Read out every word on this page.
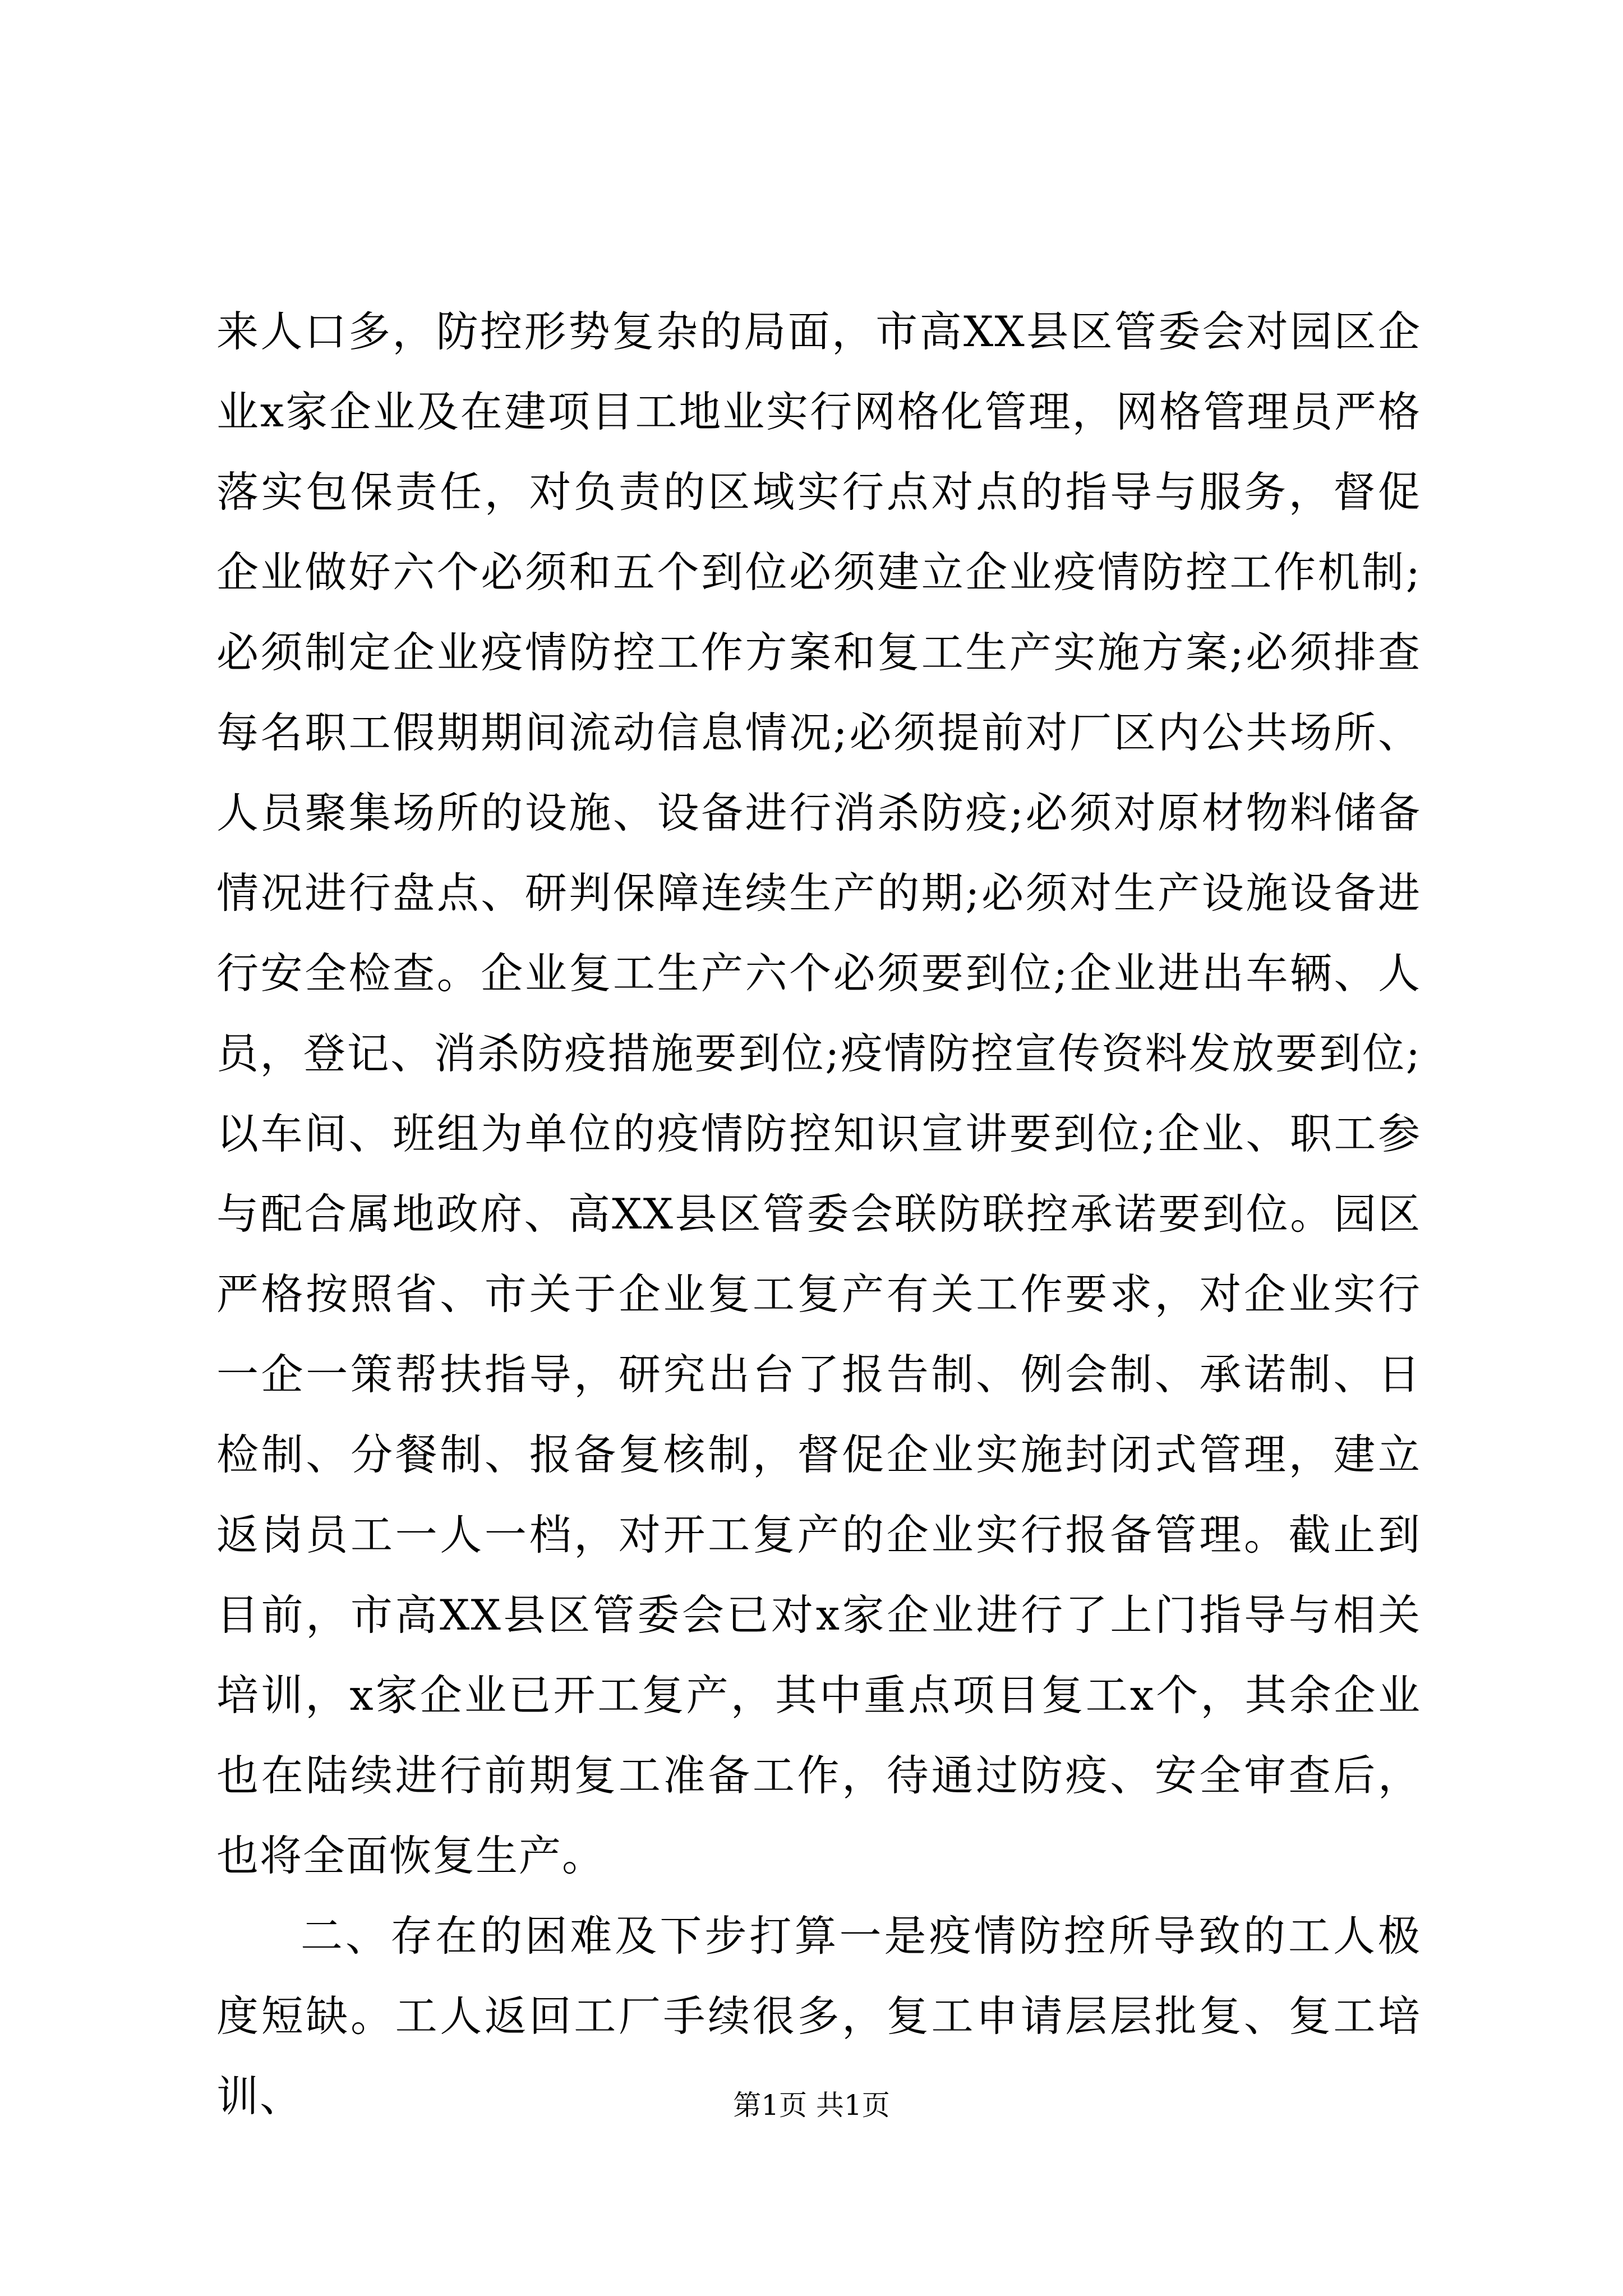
来人口多，防控形势复杂的局面，市高XX县区管委会对园区企业x家企业及在建项目工地业实行网格化管理，网格管理员严格落实包保责任，对负责的区域实行点对点的指导与服务，督促企业做好六个必须和五个到位必须建立企业疫情防控工作机制;必须制定企业疫情防控工作方案和复工生产实施方案;必须排查每名职工假期期间流动信息情况;必须提前对厂区内公共场所、人员聚集场所的设施、设备进行消杀防疫;必须对原材物料储备情况进行盘点、研判保障连续生产的期;必须对生产设施设备进行安全检查。企业复工生产六个必须要到位;企业进出车辆、人员，登记、消杀防疫措施要到位;疫情防控宣传资料发放要到位;以车间、班组为单位的疫情防控知识宣讲要到位;企业、职工参与配合属地政府、高XX县区管委会联防联控承诺要到位。园区严格按照省、市关于企业复工复产有关工作要求，对企业实行一企一策帮扶指导，研究出台了报告制、例会制、承诺制、日检制、分餐制、报备复核制，督促企业实施封闭式管理，建立返岗员工一人一档，对开工复产的企业实行报备管理。截止到目前，市高XX县区管委会已对x家企业进行了上门指导与相关培训，x家企业已开工复产，其中重点项目复工x个，其余企业也在陆续进行前期复工准备工作，待通过防疫、安全审查后，也将全面恢复生产。

二、存在的困难及下步打算一是疫情防控所导致的工人极度短缺。工人返回工厂手续很多，复工申请层层批复、复工培训、	第1页 共1页
